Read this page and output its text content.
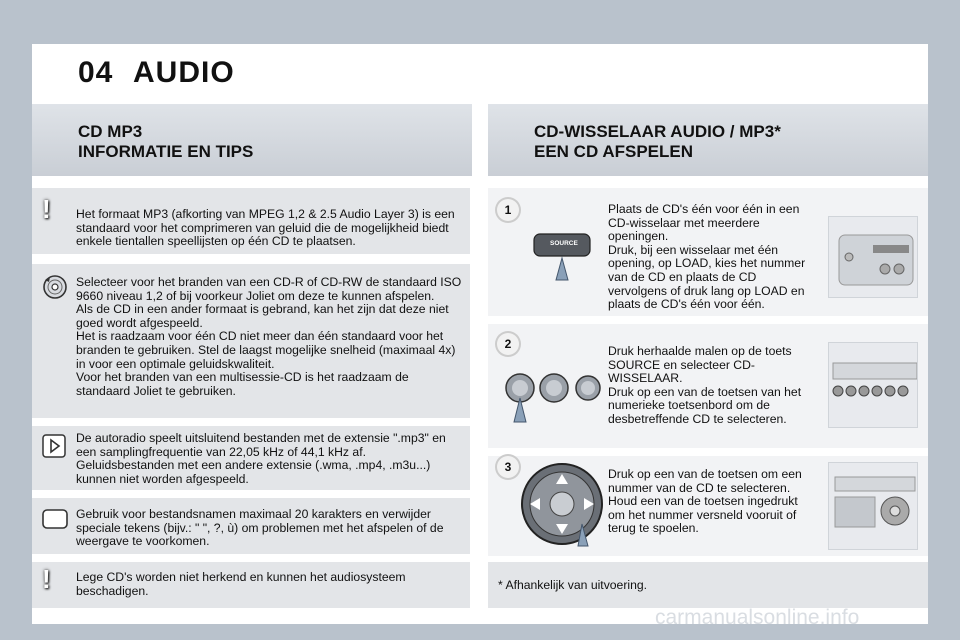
04 AUDIO
CD MP3
INFORMATIE EN TIPS
CD-WISSELAAR AUDIO / MP3*
EEN CD AFSPELEN
! Het formaat MP3 (afkorting van MPEG 1,2 & 2.5 Audio Layer 3) is een standaard voor het comprimeren van geluid die de mogelijkheid biedt enkele tientallen speellijsten op één CD te plaatsen.

Selecteer voor het branden van een CD-R of CD-RW de standaard ISO 9660 niveau 1,2 of bij voorkeur Joliet om deze te kunnen afspelen.
Als de CD in een ander formaat is gebrand, kan het zijn dat deze niet goed wordt afgespeeld.
Het is raadzaam voor één CD niet meer dan één standaard voor het branden te gebruiken. Stel de laagst mogelijke snelheid (maximaal 4x) in voor een optimale geluidskwaliteit.
Voor het branden van een multisessie-CD is het raadzaam de standaard Joliet te gebruiken.

De autoradio speelt uitsluitend bestanden met de extensie ".mp3" en een samplingfrequentie van 22,05 kHz of 44,1 kHz af. Geluidsbestanden met een andere extensie (.wma, .mp4, .m3u...) kunnen niet worden afgespeeld.

Gebruik voor bestandsnamen maximaal 20 karakters en verwijder speciale tekens (bijv.: " ", ?, ù) om problemen met het afspelen of de weergave te voorkomen.

! Lege CD's worden niet herkend en kunnen het audiosysteem beschadigen.

1
SOURCE

Plaats de CD's één voor één in een CD-wisselaar met meerdere openingen.
Druk, bij een wisselaar met één opening, op LOAD, kies het nummer van de CD en plaats de CD vervolgens of druk lang op LOAD en plaats de CD's één voor één.

2	Druk herhaalde malen op de toets SOURCE en selecteer CD-WISSELAAR.
Druk op een van de toetsen van het numerieke toetsenbord om de desbetreffende CD te selecteren.

3	Druk op een van de toetsen om een nummer van de CD te selecteren.
Houd een van de toetsen ingedrukt om het nummer versneld vooruit of terug te spoelen.

* Afhankelijk van uitvoering.
carmanualsonline.info
